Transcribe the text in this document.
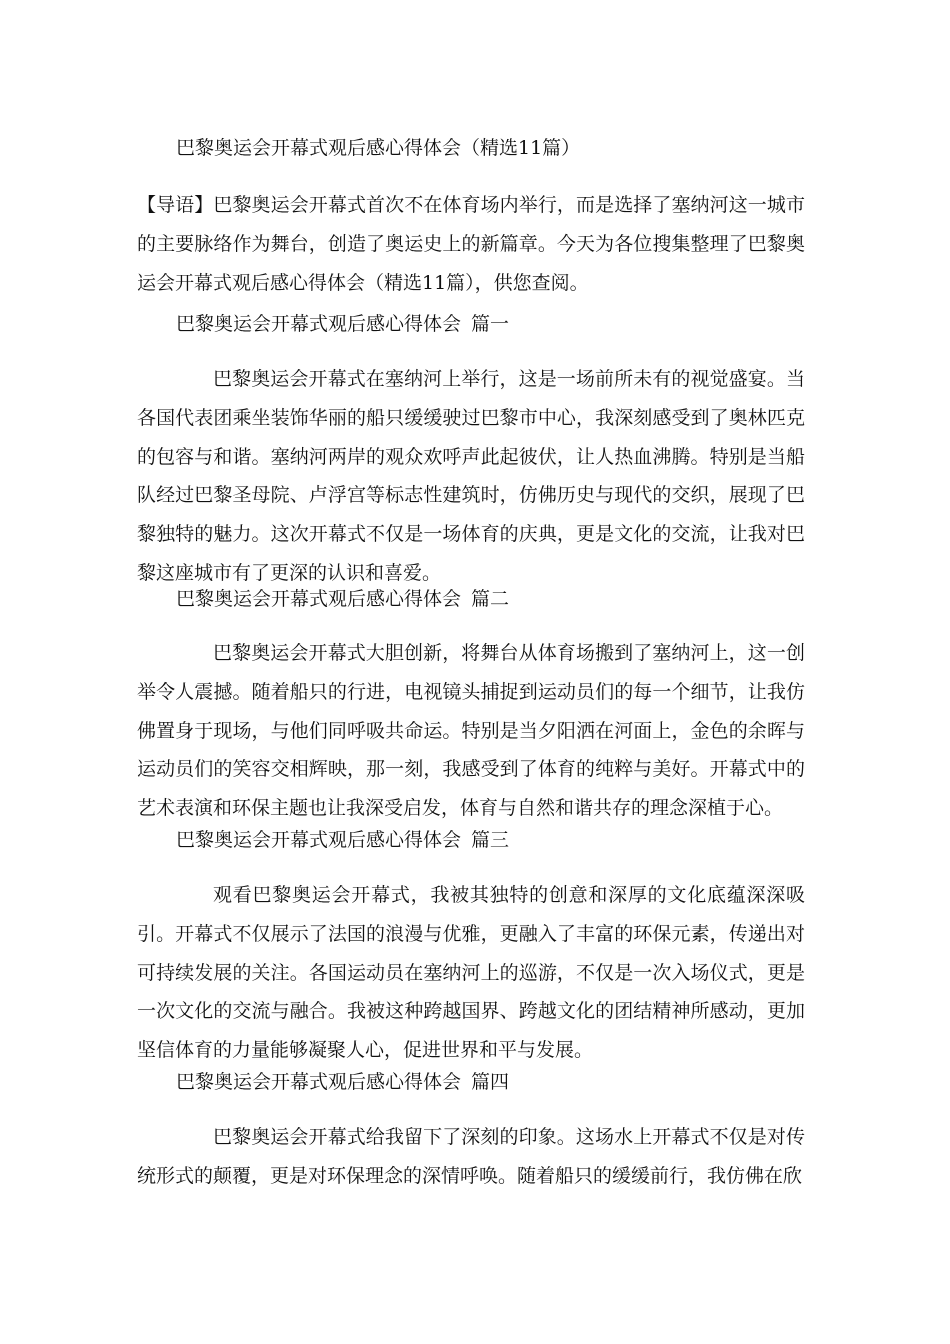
巴黎奥运会开幕式观后感心得体会（精选11篇）

【导语】巴黎奥运会开幕式首次不在体育场内举行，而是选择了塞纳河这一城市的主要脉络作为舞台，创造了奥运史上的新篇章。今天为各位搜集整理了巴黎奥运会开幕式观后感心得体会（精选11篇），供您查阅。

巴黎奥运会开幕式观后感心得体会 篇一

巴黎奥运会开幕式在塞纳河上举行，这是一场前所未有的视觉盛宴。当各国代表团乘坐装饰华丽的船只缓缓驶过巴黎市中心，我深刻感受到了奥林匹克的包容与和谐。塞纳河两岸的观众欢呼声此起彼伏，让人热血沸腾。特别是当船队经过巴黎圣母院、卢浮宫等标志性建筑时，仿佛历史与现代的交织，展现了巴黎独特的魅力。这次开幕式不仅是一场体育的庆典，更是文化的交流，让我对巴黎这座城市有了更深的认识和喜爱。

巴黎奥运会开幕式观后感心得体会 篇二

巴黎奥运会开幕式大胆创新，将舞台从体育场搬到了塞纳河上，这一创举令人震撼。随着船只的行进，电视镜头捕捉到运动员们的每一个细节，让我仿佛置身于现场，与他们同呼吸共命运。特别是当夕阳洒在河面上，金色的余晖与运动员们的笑容交相辉映，那一刻，我感受到了体育的纯粹与美好。开幕式中的艺术表演和环保主题也让我深受启发，体育与自然和谐共存的理念深植于心。

巴黎奥运会开幕式观后感心得体会 篇三

观看巴黎奥运会开幕式，我被其独特的创意和深厚的文化底蕴深深吸引。开幕式不仅展示了法国的浪漫与优雅，更融入了丰富的环保元素，传递出对可持续发展的关注。各国运动员在塞纳河上的巡游，不仅是一次入场仪式，更是一次文化的交流与融合。我被这种跨越国界、跨越文化的团结精神所感动，更加坚信体育的力量能够凝聚人心，促进世界和平与发展。

巴黎奥运会开幕式观后感心得体会 篇四

巴黎奥运会开幕式给我留下了深刻的印象。这场水上开幕式不仅是对传统形式的颠覆，更是对环保理念的深情呼唤。随着船只的缓缓前行，我仿佛在欣
